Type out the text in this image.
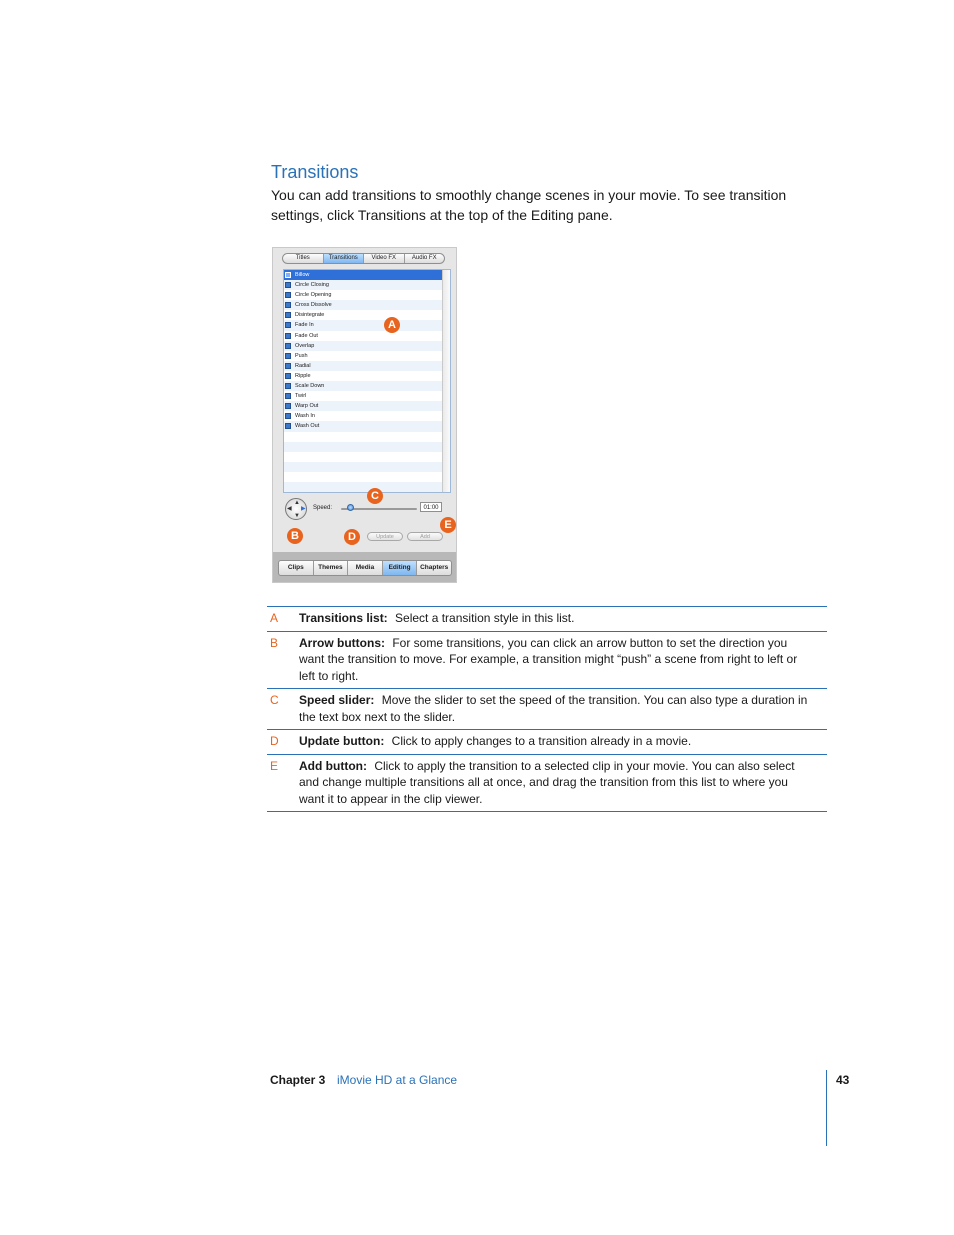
Transitions

You can add transitions to smoothly change scenes in your movie. To see transition settings, click Transitions at the top of the Editing pane.

Titles	Transitions	Video FX	Audio FX
Billow
Circle Closing
Circle Opening
Cross Dissolve
Disintegrate
Fade In
Fade Out
Overlap
Push
Radial
Ripple
Scale Down
Twirl
Warp Out
Wash In
Wash Out
▲
▼
◀ ▶ Speed:	01:00
Update	Add
Clips	Themes	Media	Editing	Chapters
A
B
C
D
E
A	Transitions list: Select a transition style in this list.
B	Arrow buttons: For some transitions, you can click an arrow button to set the direction you want the transition to move. For example, a transition might “push” a scene from right to left or left to right.
C	Speed slider: Move the slider to set the speed of the transition. You can also type a duration in the text box next to the slider.
D	Update button: Click to apply changes to a transition already in a movie.
E	Add button: Click to apply the transition to a selected clip in your movie. You can also select and change multiple transitions all at once, and drag the transition from this list to where you want it to appear in the clip viewer.
Chapter 3 iMovie HD at a Glance	43
